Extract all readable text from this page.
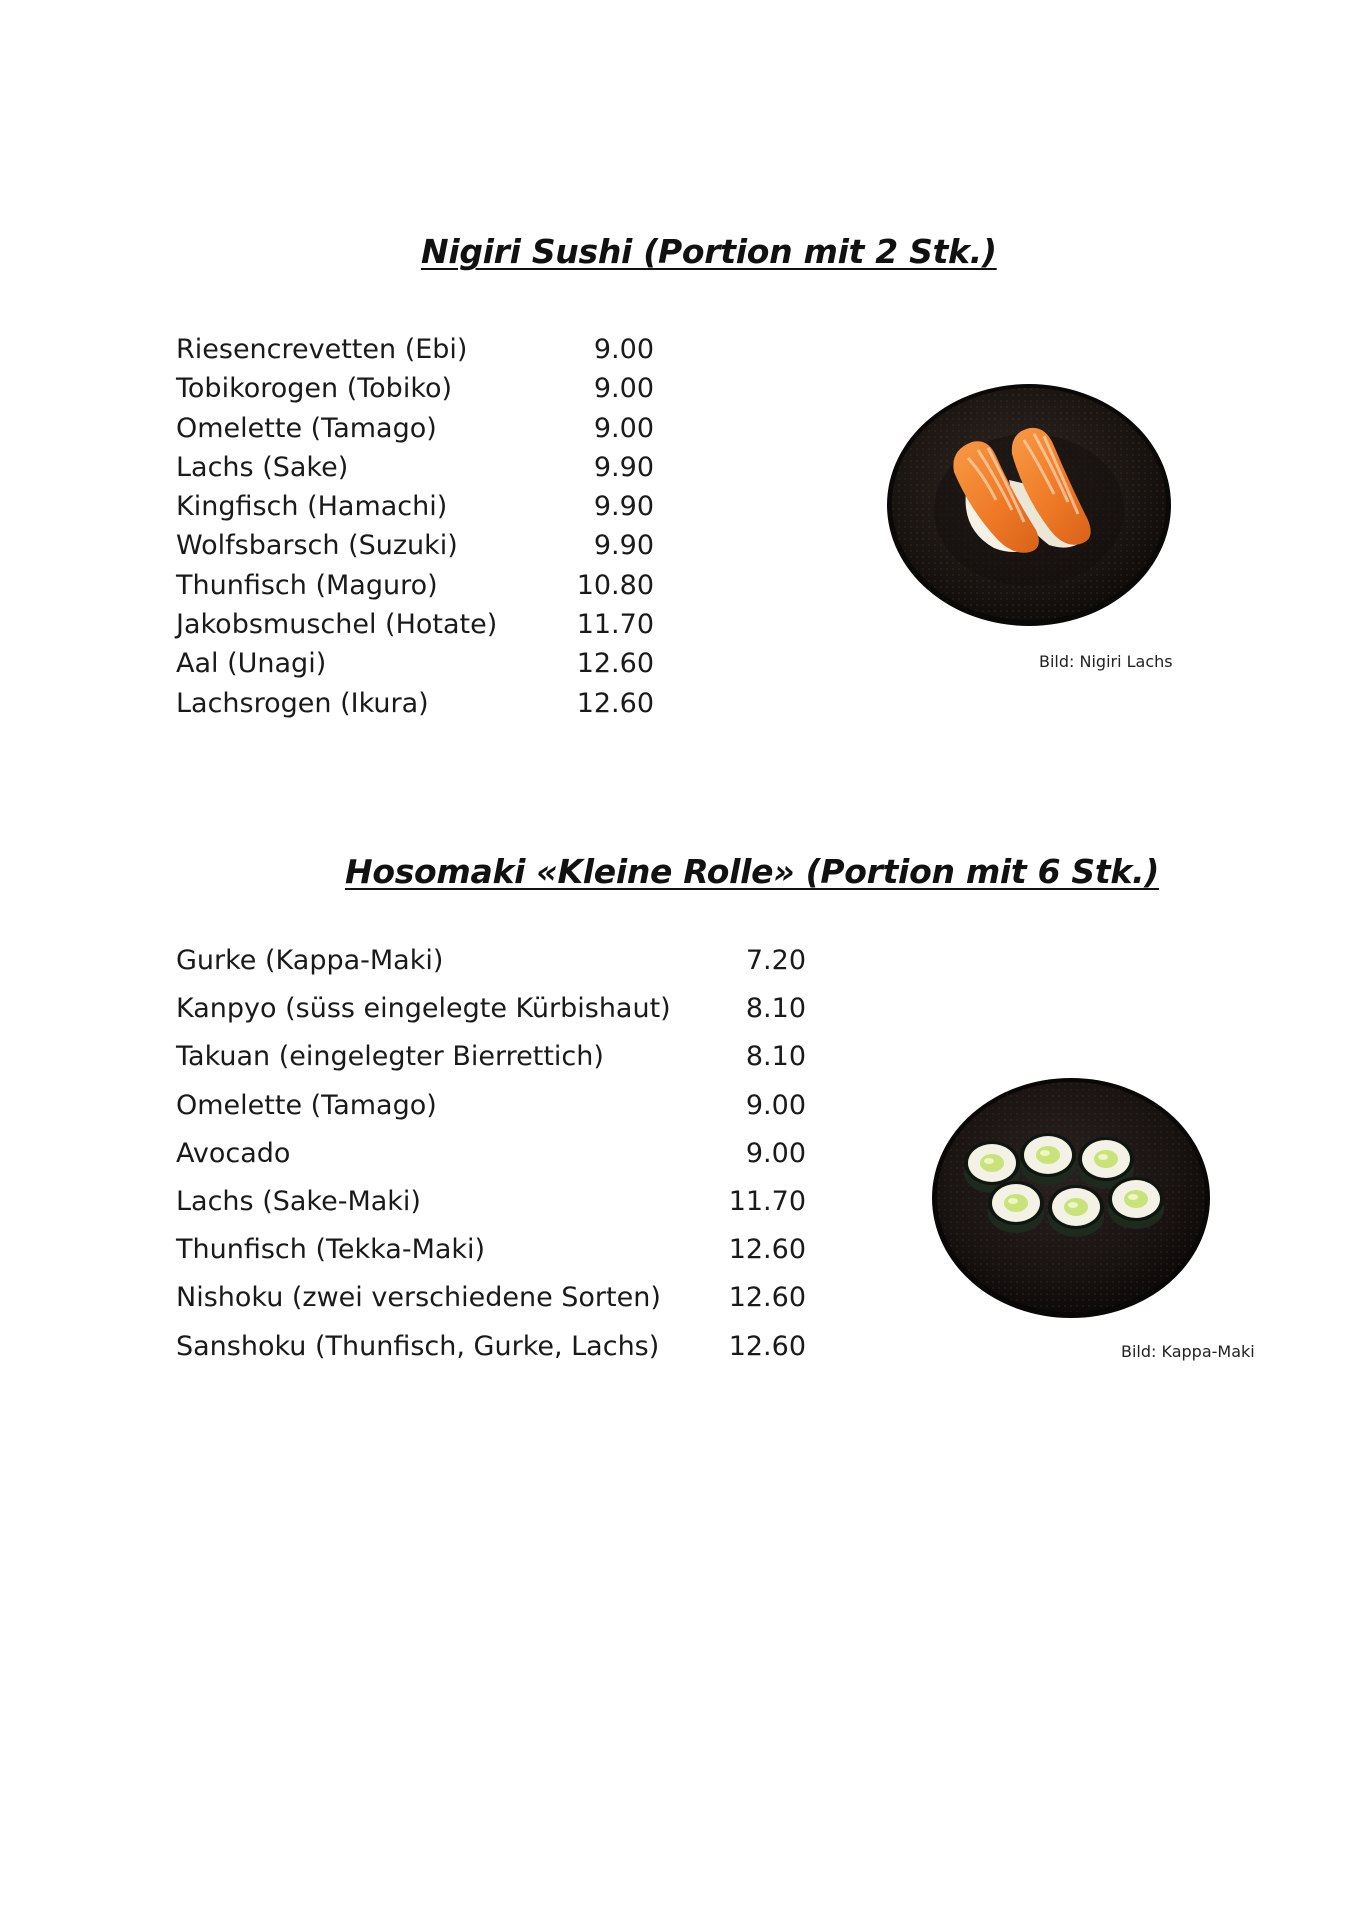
Nigiri Sushi (Portion mit 2 Stk.)
Riesencrevetten (Ebi)	9.00
Tobikorogen (Tobiko)	9.00
Omelette (Tamago)	9.00
Lachs (Sake)	9.90
Kingfisch (Hamachi)	9.90
Wolfsbarsch (Suzuki)	9.90
Thunfisch (Maguro)	10.80
Jakobsmuschel (Hotate)	11.70
Aal (Unagi)	12.60
Lachsrogen (Ikura)	12.60
Bild: Nigiri Lachs
Hosomaki «Kleine Rolle» (Portion mit 6 Stk.)
Gurke (Kappa-Maki)	7.20
Kanpyo (süss eingelegte Kürbishaut)	8.10
Takuan (eingelegter Bierrettich)	8.10
Omelette (Tamago)	9.00
Avocado	9.00
Lachs (Sake-Maki)	11.70
Thunfisch (Tekka-Maki)	12.60
Nishoku (zwei verschiedene Sorten)	12.60
Sanshoku (Thunfisch, Gurke, Lachs)	12.60	Bild: Kappa-Maki
